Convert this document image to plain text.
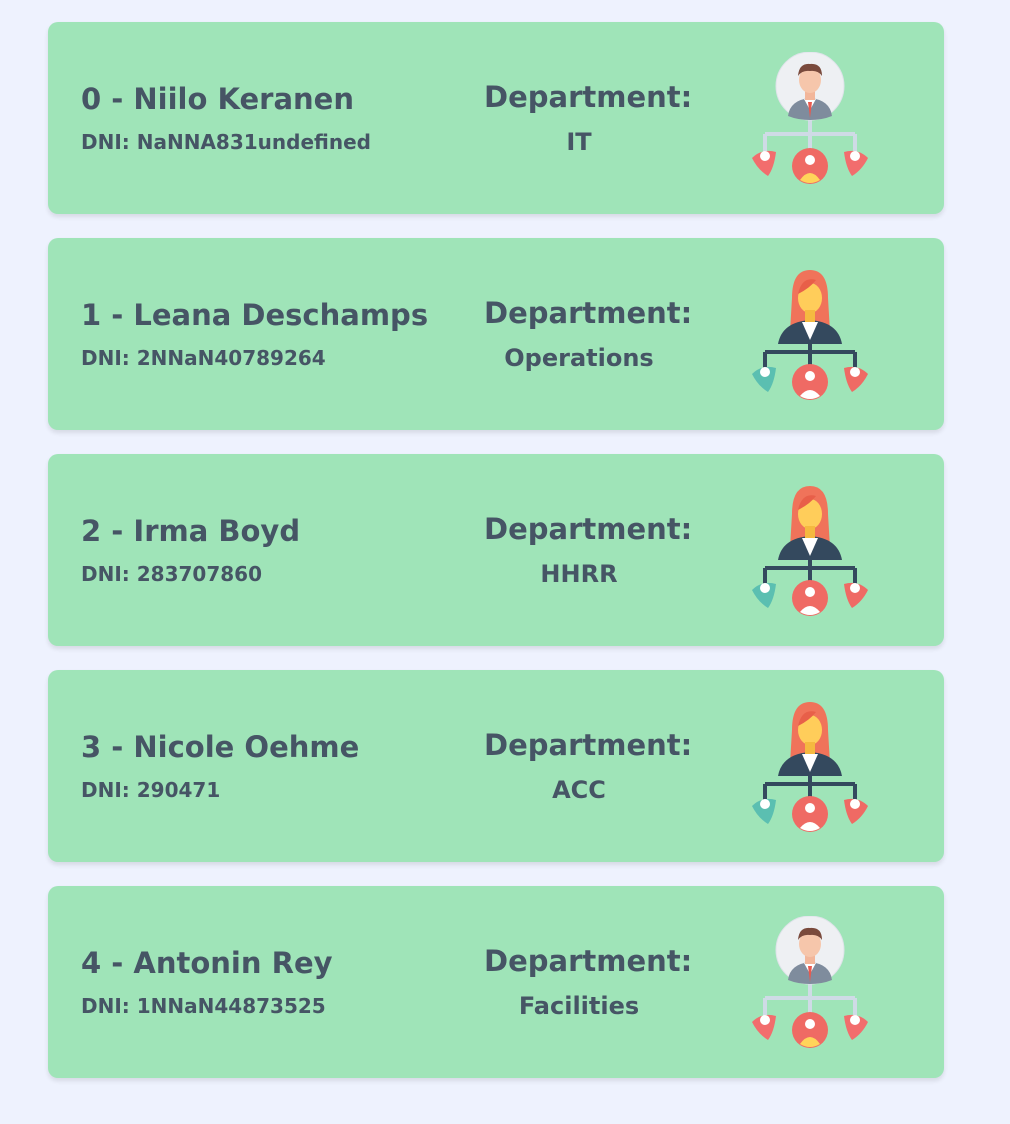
0 - Niilo Keranen
DNI: NaNNA831undefined
Department:
IT
1 - Leana Deschamps
DNI: 2NNaN40789264
Department:
Operations
2 - Irma Boyd
DNI: 283707860
Department:
HHRR
3 - Nicole Oehme
DNI: 290471
Department:
ACC
4 - Antonin Rey
DNI: 1NNaN44873525
Department:
Facilities
